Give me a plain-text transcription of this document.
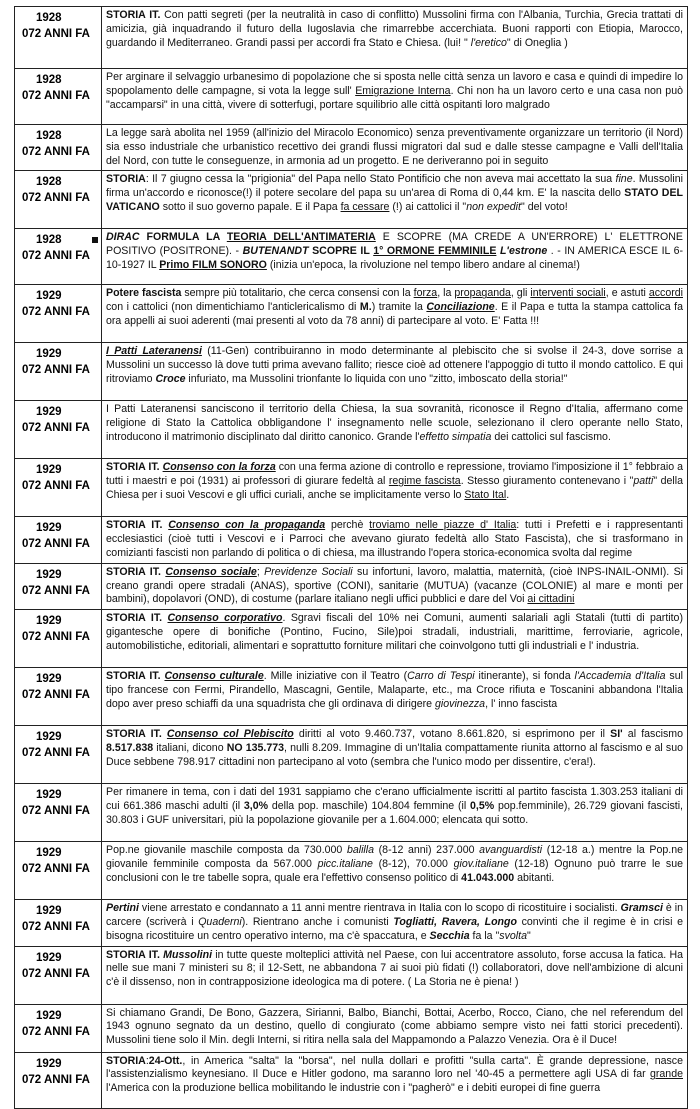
1928
072 ANNI FA	STORIA IT. Con patti segreti (per la neutralità in caso di conflitto) Mussolini firma con l'Albania, Turchia, Grecia trattati di amicizia, già inquadrando il futuro della Iugoslavia che rimarrebbe accerchiata. Buoni rapporti con Etiopia, Marocco, guardando il Mediterraneo. Grandi passi per accordi fra Stato e Chiesa. (lui! " l'eretico" di Oneglia )

1928
072 ANNI FA	Per arginare il selvaggio urbanesimo di popolazione che si sposta nelle città senza un lavoro e casa e quindi di impedire lo spopolamento delle campagne, si vota la legge sull' Emigrazione Interna. Chi non ha un lavoro certo e una casa non può "accamparsi" in una città, vivere di sotterfugi, portare squilibrio alle città ospitanti loro malgrado

1928
072 ANNI FA	La legge sarà abolita nel 1959 (all'inizio del Miracolo Economico) senza preventivamente organizzare un territorio (il Nord) sia esso industriale che urbanistico recettivo dei grandi flussi migratori dal sud e dalle stesse campagne e Valli dell'Italia del Nord, con tutte le conseguenze, in armonia ad un progetto. E ne deriveranno poi in seguito

1928
072 ANNI FA	STORIA: Il 7 giugno cessa la "prigionia" del Papa nello Stato Pontificio che non aveva mai accettato la sua fine. Mussolini firma un'accordo e riconosce(!) il potere secolare del papa su un'area di Roma di 0,44 km. E' la nascita dello STATO DEL VATICANO sotto il suo governo papale. E il Papa fa cessare (!) ai cattolici il "non expedit" del voto!

1928
072 ANNI FA	DIRAC FORMULA LA TEORIA DELL'ANTIMATERIA E SCOPRE (MA CREDE A UN'ERRORE) L' ELETTRONE POSITIVO (POSITRONE). - BUTENANDT SCOPRE IL 1° ORMONE FEMMINILE L'estrone . - IN AMERICA ESCE IL 6-10-1927 IL Primo FILM SONORO (inizia un'epoca, la rivoluzione nel tempo libero andare al cinema!)

1929
072 ANNI FA	Potere fascista sempre più totalitario, che cerca consensi con la forza, la propaganda, gli interventi sociali, e astuti accordi con i cattolici (non dimentichiamo l'anticlericalismo di M.) tramite la Conciliazione. E il Papa e tutta la stampa cattolica fa ora appelli ai suoi aderenti (mai presenti al voto da 78 anni) di partecipare al voto. E' Fatta !!!

1929
072 ANNI FA	I Patti Lateranensi (11-Gen) contribuiranno in modo determinante al plebiscito che si svolse il 24-3, dove sorrise a Mussolini un successo là dove tutti prima avevano fallito; riesce cioè ad ottenere l'appoggio di tutto il mondo cattolico. E qui ritroviamo Croce infuriato, ma Mussolini trionfante lo liquida con uno "zitto, imboscato della storia!"

1929
072 ANNI FA	I Patti Lateranensi sanciscono il territorio della Chiesa, la sua sovranità, riconosce il Regno d'Italia, affermano come religione di Stato la Cattolica obbligandone l' insegnamento nelle scuole, selezionano il clero operante nello Stato, introducono il matrimonio disciplinato dal diritto canonico. Grande l'effetto simpatia dei cattolici sul fascismo.

1929
072 ANNI FA	STORIA IT. Consenso con la forza con una ferma azione di controllo e repressione, troviamo l'imposizione il 1° febbraio a tutti i maestri e poi (1931) ai professori di giurare fedeltà al regime fascista. Stesso giuramento contenevano i "patti" della Chiesa per i suoi Vescovi e gli uffici curiali, anche se implicitamente verso lo Stato Ital.

1929
072 ANNI FA	STORIA IT. Consenso con la propaganda perchè troviamo nelle piazze d' Italia: tutti i Prefetti e i rappresentanti ecclesiastici (cioè tutti i Vescovi e i Parroci che avevano giurato fedeltà allo Stato Fascista), che si trasformano in comizianti fascisti non parlando di politica o di chiesa, ma illustrando l'opera storica-economica svolta dal regime

1929
072 ANNI FA	STORIA IT. Consenso sociale; Previdenze Sociali su infortuni, lavoro, malattia, maternità, (cioè INPS-INAIL-ONMI). Si creano grandi opere stradali (ANAS), sportive (CONI), sanitarie (MUTUA) (vacanze (COLONIE) al mare e monti per bambini), dopolavori (OND), di costume (parlare italiano negli uffici pubblici e dare del Voi ai cittadini

1929
072 ANNI FA	STORIA IT. Consenso corporativo. Sgravi fiscali del 10% nei Comuni, aumenti salariali agli Statali (tutti di partito) gigantesche opere di bonifiche (Pontino, Fucino, Sile)poi stradali, industriali, marittime, ferroviarie, agricole, automobilistiche, editoriali, alimentari e soprattutto forniture militari che coinvolgono tutti gli industriali e l' industria.

1929
072 ANNI FA	STORIA IT. Consenso culturale. Mille iniziative con il Teatro (Carro di Tespi itinerante), si fonda l'Accademia d'Italia sul tipo francese con Fermi, Pirandello, Mascagni, Gentile, Malaparte, etc., ma Croce rifiuta e Toscanini abbandona l'Italia dopo aver preso schiaffi da una squadrista che gli ordinava di dirigere giovinezza, l' inno fascista

1929
072 ANNI FA	STORIA IT. Consenso col Plebiscito diritti al voto 9.460.737, votano 8.661.820, si esprimono per il SI' al fascismo 8.517.838 italiani, dicono NO 135.773, nulli 8.209. Immagine di un'Italia compattamente riunita attorno al fascismo e al suo Duce sebbene 798.917 cittadini non partecipano al voto (sembra che l'unico modo per dissentire, c'era!).

1929
072 ANNI FA	Per rimanere in tema, con i dati del 1931 sappiamo che c'erano ufficialmente iscritti al partito fascista 1.303.253 italiani di cui 661.386 maschi adulti (il 3,0% della pop. maschile) 104.804 femmine (il 0,5% pop.femminile), 26.729 giovani fascisti, 30.803 i GUF universitari, più la popolazione giovanile per a 1.604.000; elencata qui sotto.

1929
072 ANNI FA	Pop.ne giovanile maschile composta da 730.000 balilla (8-12 anni) 237.000 avanguardisti (12-18 a.) mentre la Pop.ne giovanile femminile composta da 567.000 picc.italiane (8-12), 70.000 giov.italiane (12-18) Ognuno può trarre le sue conclusioni con le tre tabelle sopra, quale era l'effettivo consenso politico di 41.043.000 abitanti.

1929
072 ANNI FA	Pertini viene arrestato e condannato a 11 anni mentre rientrava in Italia con lo scopo di ricostituire i socialisti. Gramsci è in carcere (scriverà i Quaderni). Rientrano anche i comunisti Togliatti, Ravera, Longo convinti che il regime è in crisi e bisogna ricostituire un centro operativo interno, ma c'è spaccatura, e Secchia fa la "svolta"

1929
072 ANNI FA	STORIA IT. Mussolini in tutte queste molteplici attività nel Paese, con lui accentratore assoluto, forse accusa la fatica. Ha nelle sue mani 7 ministeri su 8; il 12-Sett, ne abbandona 7 ai suoi più fidati (!) collaboratori, dove nell'ambizione di alcuni c'è il dissenso, non in contrapposizione ideologica ma di potere. ( La Storia ne è piena! )

1929
072 ANNI FA	Si chiamano Grandi, De Bono, Gazzera, Sirianni, Balbo, Bianchi, Bottai, Acerbo, Rocco, Ciano, che nel referendum del 1943 ognuno segnato da un destino, quello di congiurato (come abbiamo sempre visto nei fatti storici precedenti). Mussolini tiene solo il Min. degli Interni, si ritira nella sala del Mappamondo a Palazzo Venezia. Ora è il Duce!

1929
072 ANNI FA	STORIA:24-Ott., in America "salta" la "borsa", nel nulla dollari e profitti "sulla carta". È grande depressione, nasce l'assistenzialismo keynesiano. Il Duce e Hitler godono, ma saranno loro nel '40-45 a permettere agli USA di far grande l'America con la produzione bellica mobilitando le industrie con i "pagherò" e i debiti europei di fine guerra
